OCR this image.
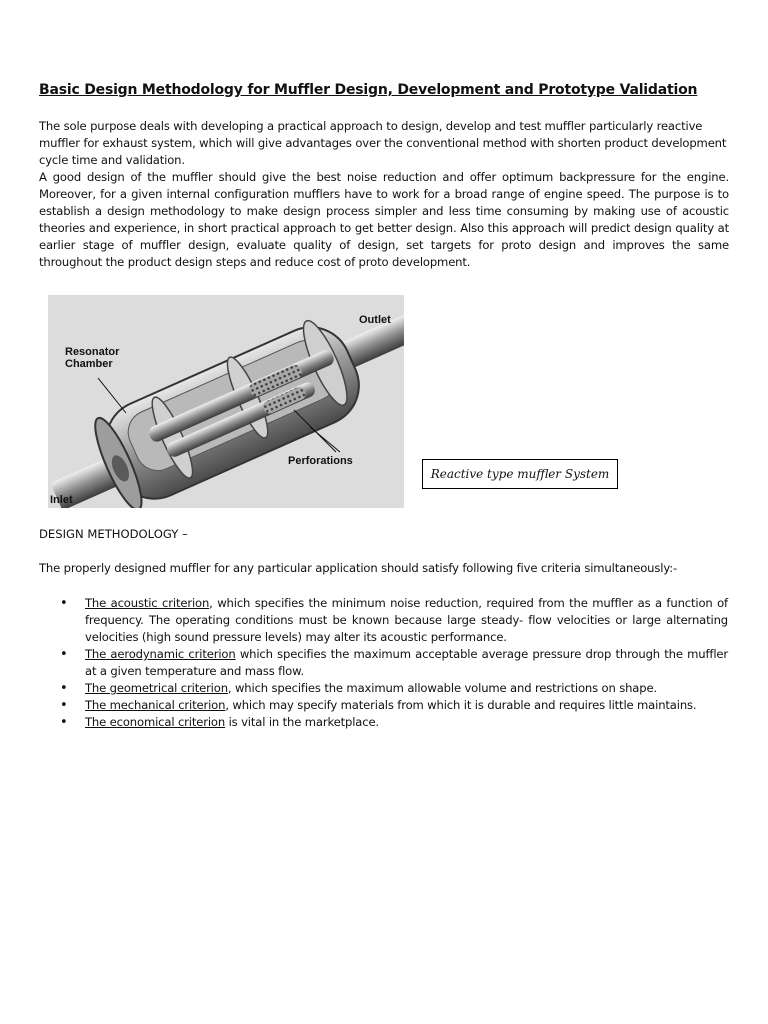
Basic Design Methodology for Muffler Design, Development and Prototype Validation

The sole purpose deals with developing a practical approach to design, develop and test muffler particularly reactive muffler for exhaust system, which will give advantages over the conventional method with shorten product development cycle time and validation.

A good design of the muffler should give the best noise reduction and offer optimum backpressure for the engine. Moreover, for a given internal configuration mufflers have to work for a broad range of engine speed. The purpose is to establish a design methodology to make design process simpler and less time consuming by making use of acoustic theories and experience, in short practical approach to get better design. Also this approach will predict design quality at earlier stage of muffler design, evaluate quality of design, set targets for proto design and improves the same throughout the product design steps and reduce cost of proto development.

Outlet
Resonator
Chamber
Perforations
Inlet
Reactive type muffler System

DESIGN METHODOLOGY –

The properly designed muffler for any particular application should satisfy following five criteria simultaneously:-

• The acoustic criterion, which specifies the minimum noise reduction, required from the muffler as a function of frequency. The operating conditions must be known because large steady- flow velocities or large alternating velocities (high sound pressure levels) may alter its acoustic performance.
• The aerodynamic criterion which specifies the maximum acceptable average pressure drop through the muffler at a given temperature and mass flow.
• The geometrical criterion, which specifies the maximum allowable volume and restrictions on shape.
• The mechanical criterion, which may specify materials from which it is durable and requires little maintains.
• The economical criterion is vital in the marketplace.
